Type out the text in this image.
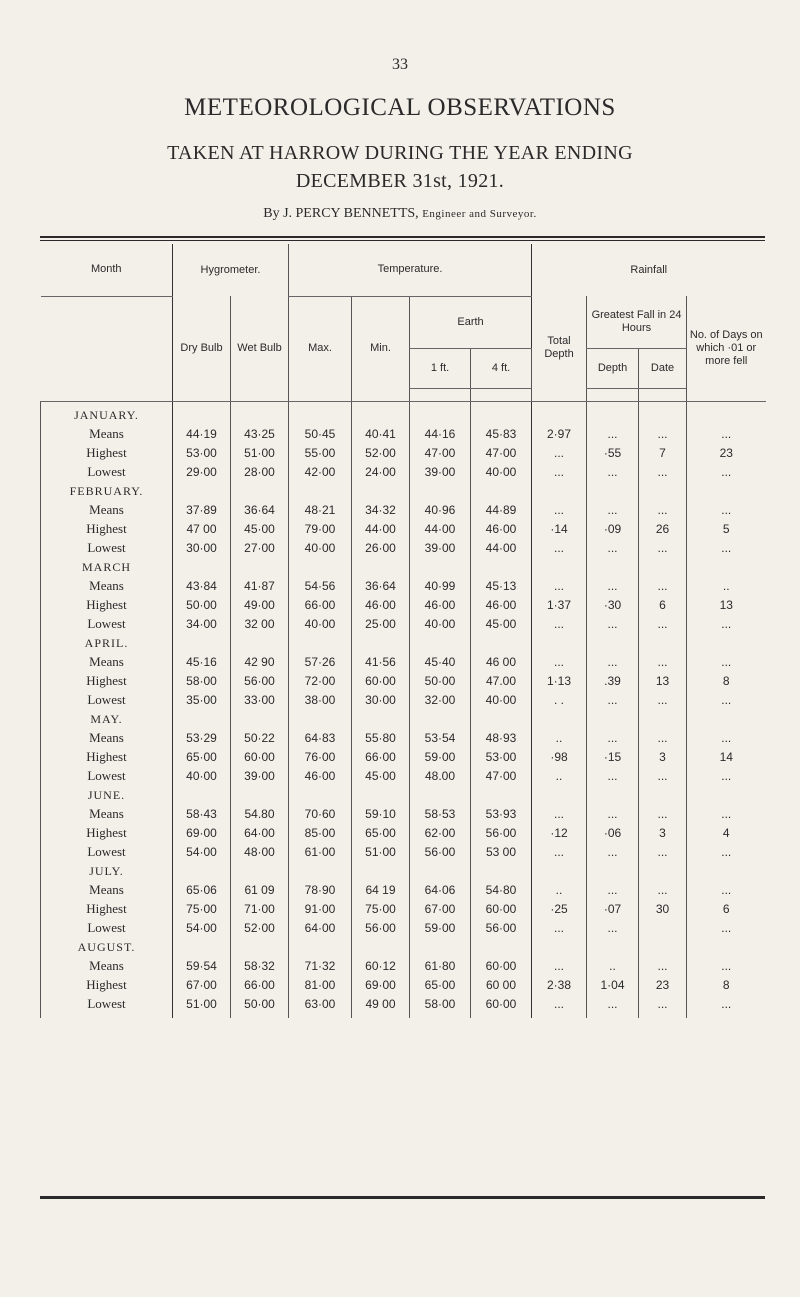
33
METEOROLOGICAL OBSERVATIONS
TAKEN AT HARROW DURING THE YEAR ENDING
DECEMBER 31st, 1921.
By J. PERCY BENNETTS, Engineer and Surveyor.
Month	Hygrometer.		Temperature.				Rainfall			
	Dry Bulb	Wet Bulb	Max.	Min.	Earth		Total Depth	Greatest Fall in 24 Hours		No. of Days on which ·01 or more fell
					1 ft.	4 ft.		Depth	Date	

JANUARY.										
Means	44·19	43·25	50·45	40·41	44·16	45·83	2·97	...	...	...
Highest	53·00	51·00	55·00	52·00	47·00	47·00	...	·55	7	23
Lowest	29·00	28·00	42·00	24·00	39·00	40·00	...	...	...	...
FEBRUARY.										
Means	37·89	36·64	48·21	34·32	40·96	44·89	...	...	...	...
Highest	47 00	45·00	79·00	44·00	44·00	46·00	·14	·09	26	5
Lowest	30·00	27·00	40·00	26·00	39·00	44·00	...	...	...	...
MARCH										
Means	43·84	41·87	54·56	36·64	40·99	45·13	...	...	...	..
Highest	50·00	49·00	66·00	46·00	46·00	46·00	1·37	·30	6	13
Lowest	34·00	32 00	40·00	25·00	40·00	45·00	...	...	...	...
APRIL.										
Means	45·16	42 90	57·26	41·56	45·40	46 00	...	...	...	...
Highest	58·00	56·00	72·00	60·00	50·00	47.00	1·13	.39	13	8
Lowest	35·00	33·00	38·00	30·00	32·00	40·00	. .	...	...	...
MAY.										
Means	53·29	50·22	64·83	55·80	53·54	48·93	..	...	...	...
Highest	65·00	60·00	76·00	66·00	59·00	53·00	·98	·15	3	14
Lowest	40·00	39·00	46·00	45·00	48.00	47·00	..	...	...	...
JUNE.										
Means	58·43	54.80	70·60	59·10	58·53	53·93	...	...	...	...
Highest	69·00	64·00	85·00	65·00	62·00	56·00	·12	·06	3	4
Lowest	54·00	48·00	61·00	51·00	56·00	53 00	...	...	...	...
JULY.										
Means	65·06	61 09	78·90	64 19	64·06	54·80	..	...	...	...
Highest	75·00	71·00	91·00	75·00	67·00	60·00	·25	·07	30	6
Lowest	54·00	52·00	64·00	56·00	59·00	56·00	...	...		...
AUGUST.										
Means	59·54	58·32	71·32	60·12	61·80	60·00	...	..	...	...
Highest	67·00	66·00	81·00	69·00	65·00	60 00	2·38	1·04	23	8
Lowest	51·00	50·00	63·00	49 00	58·00	60·00	...	...	...	...
